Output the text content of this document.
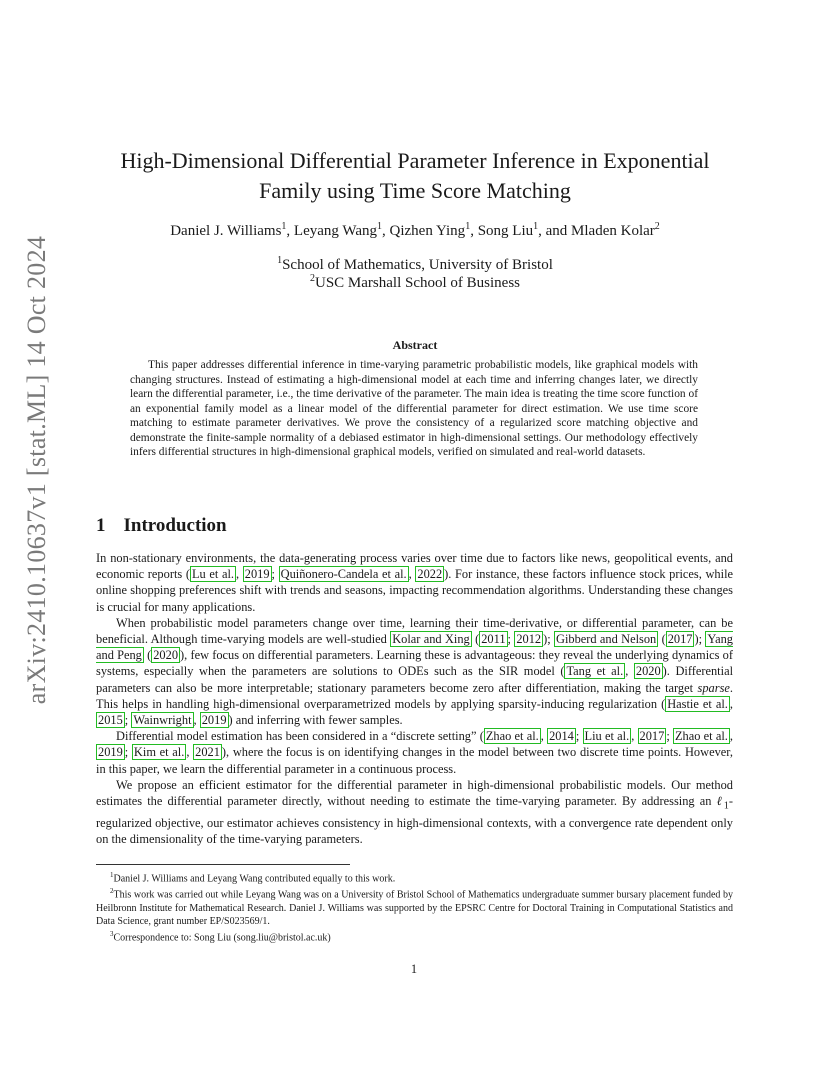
arXiv:2410.10637v1 [stat.ML] 14 Oct 2024
High-Dimensional Differential Parameter Inference in Exponential Family using Time Score Matching
Daniel J. Williams$^1$, Leyang Wang$^1$, Qizhen Ying$^1$, Song Liu$^1$, and Mladen Kolar$^2$
$^1$School of Mathematics, University of Bristol
$^2$USC Marshall School of Business
Abstract

This paper addresses differential inference in time-varying parametric probabilistic models, like graphical models with changing structures. Instead of estimating a high-dimensional model at each time and inferring changes later, we directly learn the differential parameter, i.e., the time derivative of the parameter. The main idea is treating the time score function of an exponential family model as a linear model of the differential parameter for direct estimation. We use time score matching to estimate parameter derivatives. We prove the consistency of a regularized score matching objective and demonstrate the finite-sample normality of a debiased estimator in high-dimensional settings. Our methodology effectively infers differential structures in high-dimensional graphical models, verified on simulated and real-world datasets.

1 Introduction

In non-stationary environments, the data-generating process varies over time due to factors like news, geopolitical events, and economic reports ( Lu et al. , 2019 ; Quiñonero-Candela et al. , 2022 ). For instance, these factors influence stock prices, while online shopping preferences shift with trends and seasons, impacting recommendation algorithms. Understanding these changes is crucial for many applications.

When probabilistic model parameters change over time, learning their time-derivative, or differential parameter, can be beneficial. Although time-varying models are well-studied Kolar and Xing ( 2011 ; 2012 ); Gibberd and Nelson ( 2017 ); Yang and Peng ( 2020 ), few focus on differential parameters. Learning these is advantageous: they reveal the underlying dynamics of systems, especially when the parameters are solutions to ODEs such as the SIR model ( Tang et al. , 2020 ). Differential parameters can also be more interpretable; stationary parameters become zero after differentiation, making the target sparse. This helps in handling high-dimensional overparametrized models by applying sparsity-inducing regularization ( Hastie et al. , 2015 ; Wainwright , 2019 ) and inferring with fewer samples.

Differential model estimation has been considered in a “discrete setting” ( Zhao et al. , 2014 ; Liu et al. , 2017 ; Zhao et al. , 2019 ; Kim et al. , 2021 ), where the focus is on identifying changes in the model between two discrete time points. However, in this paper, we learn the differential parameter in a continuous process.

We propose an efficient estimator for the differential parameter in high-dimensional probabilistic models. Our method estimates the differential parameter directly, without needing to estimate the time-varying parameter. By addressing an ℓ$_1$-regularized objective, our estimator achieves consistency in high-dimensional contexts, with a convergence rate dependent only on the dimensionality of the time-varying parameters.

$^1$Daniel J. Williams and Leyang Wang contributed equally to this work.

$^2$This work was carried out while Leyang Wang was on a University of Bristol School of Mathematics undergraduate summer bursary placement funded by Heilbronn Institute for Mathematical Research. Daniel J. Williams was supported by the EPSRC Centre for Doctoral Training in Computational Statistics and Data Science, grant number EP/S023569/1.

$^3$Correspondence to: Song Liu (song.liu@bristol.ac.uk)

1
